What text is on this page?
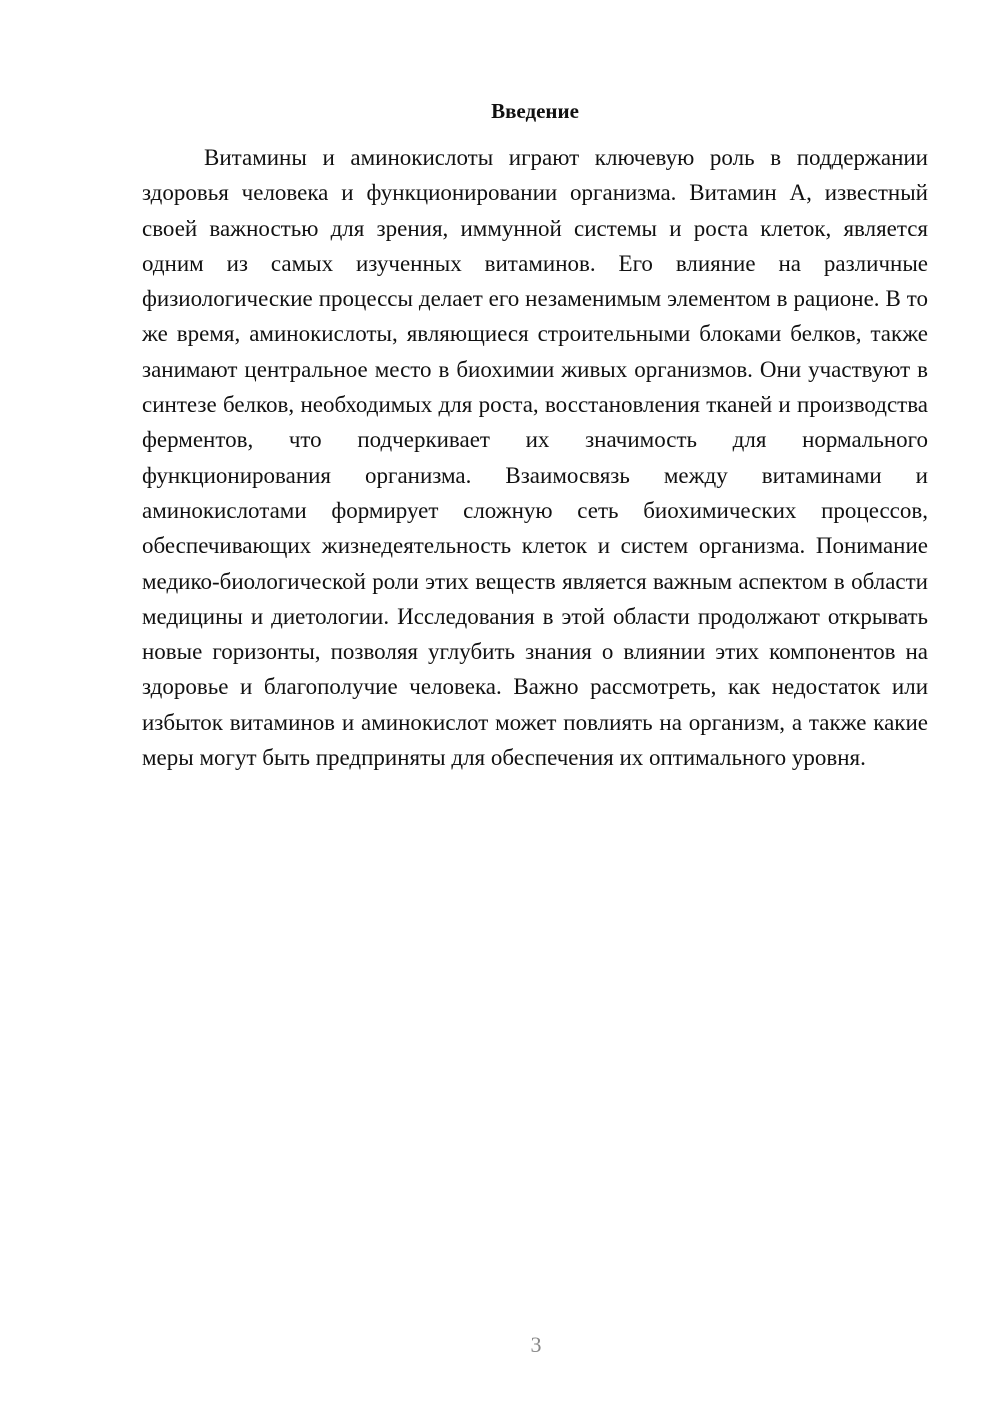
Введение

Витамины и аминокислоты играют ключевую роль в поддержании здоровья человека и функционировании организма. Витамин А, известный своей важностью для зрения, иммунной системы и роста клеток, является одним из самых изученных витаминов. Его влияние на различные физиологические процессы делает его незаменимым элементом в рационе. В то же время, аминокислоты, являющиеся строительными блоками белков, также занимают центральное место в биохимии живых организмов. Они участвуют в синтезе белков, необходимых для роста, восстановления тканей и производства ферментов, что подчеркивает их значимость для нормального функционирования организма. Взаимосвязь между витаминами и аминокислотами формирует сложную сеть биохимических процессов, обеспечивающих жизнедеятельность клеток и систем организма. Понимание медико-биологической роли этих веществ является важным аспектом в области медицины и диетологии. Исследования в этой области продолжают открывать новые горизонты, позволяя углубить знания о влиянии этих компонентов на здоровье и благополучие человека. Важно рассмотреть, как недостаток или избыток витаминов и аминокислот может повлиять на организм, а также какие меры могут быть предприняты для обеспечения их оптимального уровня.

3
